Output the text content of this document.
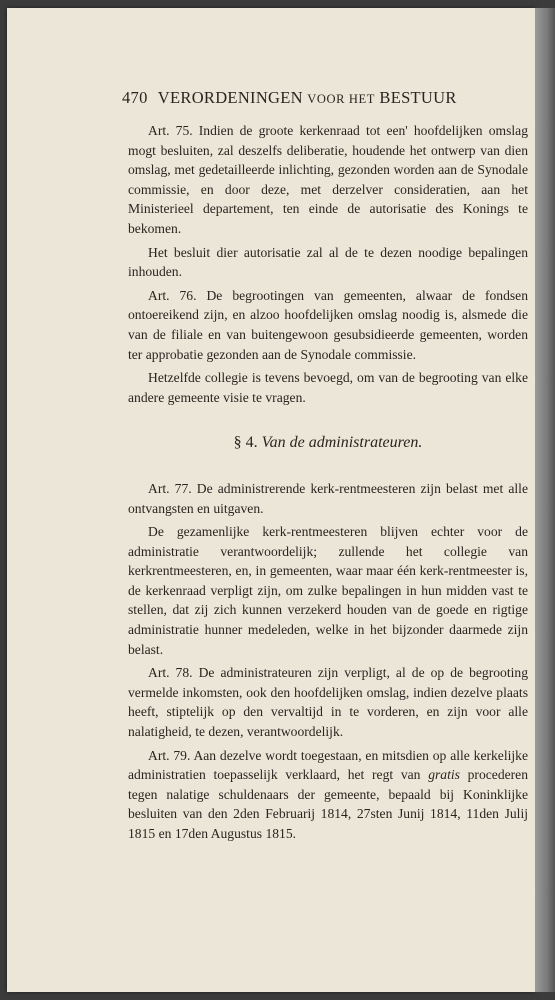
470 VERORDENINGEN VOOR HET BESTUUR

Art. 75. Indien de groote kerkenraad tot een' hoofdelijken omslag mogt besluiten, zal deszelfs deliberatie, houdende het ontwerp van dien omslag, met gedetailleerde inlichting, gezonden worden aan de Synodale commissie, en door deze, met derzelver consideratien, aan het Ministerieel departement, ten einde de autorisatie des Konings te bekomen.

Het besluit dier autorisatie zal al de te dezen noodige bepalingen inhouden.

Art. 76. De begrootingen van gemeenten, alwaar de fondsen ontoereikend zijn, en alzoo hoofdelijken omslag noodig is, alsmede die van de filiale en van buitengewoon gesubsidieerde gemeenten, worden ter approbatie gezonden aan de Synodale commissie.

Hetzelfde collegie is tevens bevoegd, om van de begrooting van elke andere gemeente visie te vragen.

§ 4. Van de administrateuren.

Art. 77. De administrerende kerk-rentmeesteren zijn belast met alle ontvangsten en uitgaven.

De gezamenlijke kerk-rentmeesteren blijven echter voor de administratie verantwoordelijk; zullende het collegie van kerkrentmeesteren, en, in gemeenten, waar maar één kerk-rentmeester is, de kerkenraad verpligt zijn, om zulke bepalingen in hun midden vast te stellen, dat zij zich kunnen verzekerd houden van de goede en rigtige administratie hunner medeleden, welke in het bijzonder daarmede zijn belast.

Art. 78. De administrateuren zijn verpligt, al de op de begrooting vermelde inkomsten, ook den hoofdelijken omslag, indien dezelve plaats heeft, stiptelijk op den vervaltijd in te vorderen, en zijn voor alle nalatigheid, te dezen, verantwoordelijk.

Art. 79. Aan dezelve wordt toegestaan, en mitsdien op alle kerkelijke administratien toepasselijk verklaard, het regt van gratis procederen tegen nalatige schuldenaars der gemeente, bepaald bij Koninklijke besluiten van den 2den Februarij 1814, 27sten Junij 1814, 11den Julij 1815 en 17den Augustus 1815.
